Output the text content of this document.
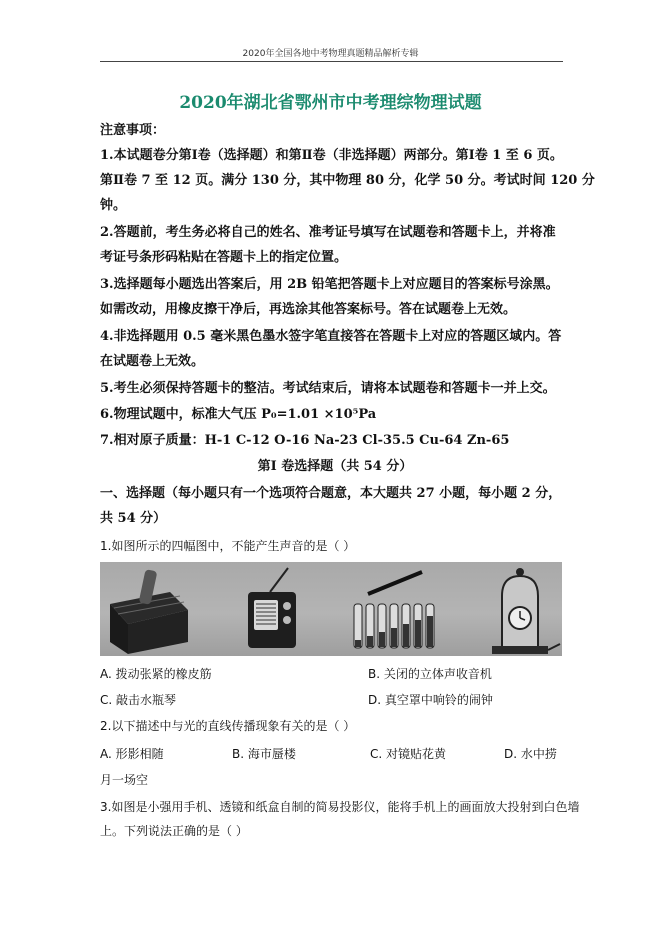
2020年全国各地中考物理真题精品解析专辑
2020年湖北省鄂州市中考理综物理试题
注意事项：
1.本试题卷分第Ⅰ卷（选择题）和第Ⅱ卷（非选择题）两部分。第Ⅰ卷 1 至 6 页。
第Ⅱ卷 7 至 12 页。满分 130 分，其中物理 80 分，化学 50 分。考试时间 120 分
钟。
2.答题前，考生务必将自己的姓名、准考证号填写在试题卷和答题卡上，并将准
考证号条形码粘贴在答题卡上的指定位置。
3.选择题每小题选出答案后，用 2B 铅笔把答题卡上对应题目的答案标号涂黑。
如需改动，用橡皮擦干净后，再选涂其他答案标号。答在试题卷上无效。
4.非选择题用 0.5 毫米黑色墨水签字笔直接答在答题卡上对应的答题区域内。答
在试题卷上无效。
5.考生必须保持答题卡的整洁。考试结束后，请将本试题卷和答题卡一并上交。
6.物理试题中，标准大气压 P₀=1.01 ×10⁵Pa
7.相对原子质量：H-1 C-12 O-16 Na-23 Cl-35.5 Cu-64 Zn-65
第Ⅰ 卷选择题（共 54 分）
一、选择题（每小题只有一个选项符合题意，本大题共 27 小题，每小题 2 分，
共 54 分）
1.如图所示的四幅图中，不能产生声音的是（ ）
A. 拨动张紧的橡皮筋	B. 关闭的立体声收音机
C. 敲击水瓶琴	D. 真空罩中响铃的闹钟
2.以下描述中与光的直线传播现象有关的是（ ）
A. 形影相随	B. 海市蜃楼	C. 对镜贴花黄	D. 水中捞
月一场空
3.如图是小强用手机、透镜和纸盒自制的简易投影仪，能将手机上的画面放大投射到白色墙
上。下列说法正确的是（ ）
